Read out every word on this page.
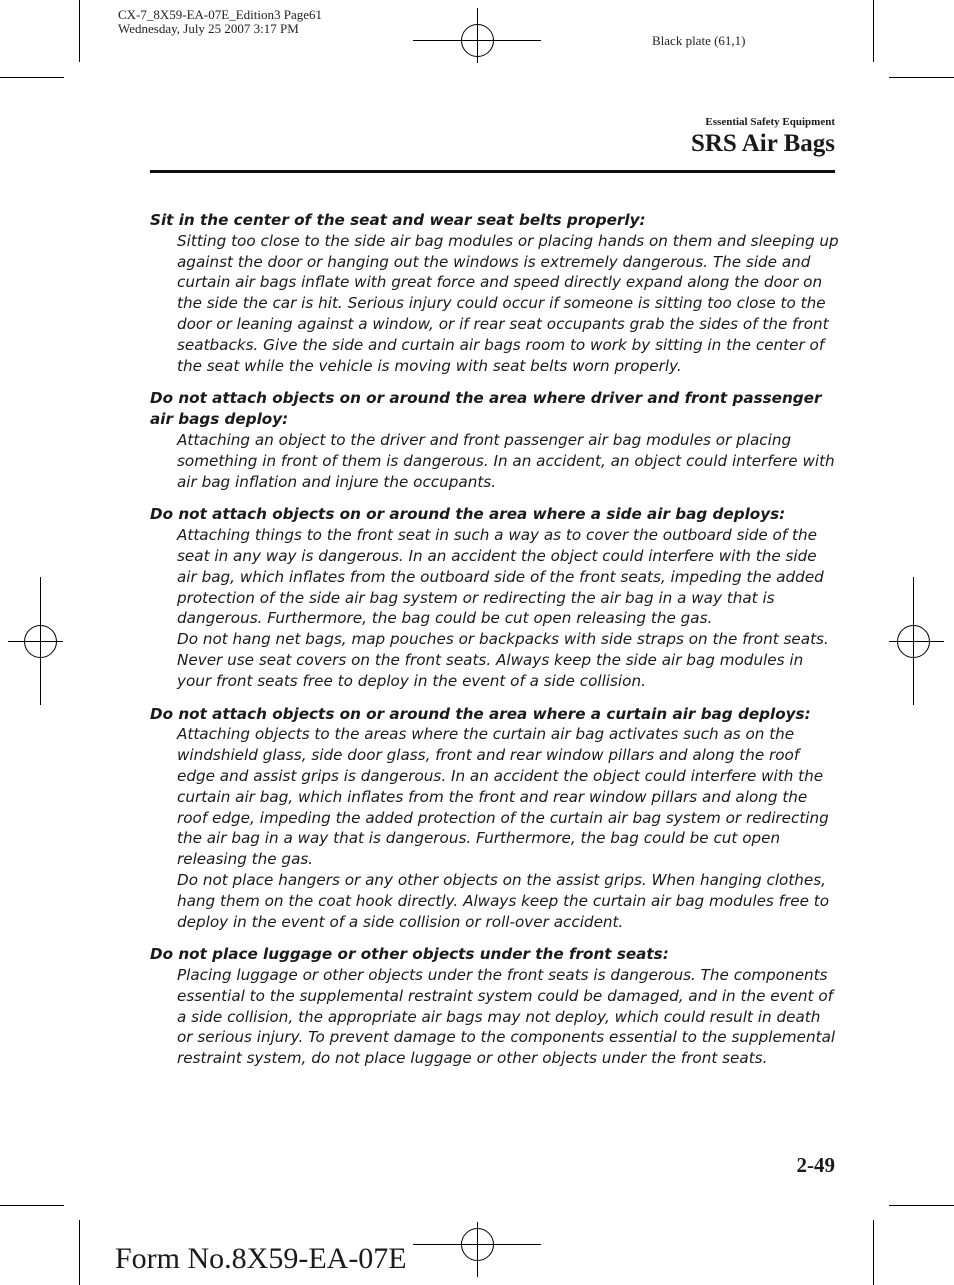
CX-7_8X59-EA-07E_Edition3 Page61
Wednesday, July 25 2007 3:17 PM
Black plate (61,1)
Essential Safety Equipment
SRS Air Bags
Sit in the center of the seat and wear seat belts properly:
Sitting too close to the side air bag modules or placing hands on them and sleeping up against the door or hanging out the windows is extremely dangerous. The side and curtain air bags inflate with great force and speed directly expand along the door on the side the car is hit. Serious injury could occur if someone is sitting too close to the door or leaning against a window, or if rear seat occupants grab the sides of the front seatbacks. Give the side and curtain air bags room to work by sitting in the center of the seat while the vehicle is moving with seat belts worn properly.
Do not attach objects on or around the area where driver and front passenger air bags deploy:
Attaching an object to the driver and front passenger air bag modules or placing something in front of them is dangerous. In an accident, an object could interfere with air bag inflation and injure the occupants.
Do not attach objects on or around the area where a side air bag deploys:
Attaching things to the front seat in such a way as to cover the outboard side of the seat in any way is dangerous. In an accident the object could interfere with the side air bag, which inflates from the outboard side of the front seats, impeding the added protection of the side air bag system or redirecting the air bag in a way that is dangerous. Furthermore, the bag could be cut open releasing the gas.
Do not hang net bags, map pouches or backpacks with side straps on the front seats. Never use seat covers on the front seats. Always keep the side air bag modules in your front seats free to deploy in the event of a side collision.
Do not attach objects on or around the area where a curtain air bag deploys:
Attaching objects to the areas where the curtain air bag activates such as on the windshield glass, side door glass, front and rear window pillars and along the roof edge and assist grips is dangerous. In an accident the object could interfere with the curtain air bag, which inflates from the front and rear window pillars and along the roof edge, impeding the added protection of the curtain air bag system or redirecting the air bag in a way that is dangerous. Furthermore, the bag could be cut open releasing the gas.
Do not place hangers or any other objects on the assist grips. When hanging clothes, hang them on the coat hook directly. Always keep the curtain air bag modules free to deploy in the event of a side collision or roll-over accident.
Do not place luggage or other objects under the front seats:
Placing luggage or other objects under the front seats is dangerous. The components essential to the supplemental restraint system could be damaged, and in the event of a side collision, the appropriate air bags may not deploy, which could result in death or serious injury. To prevent damage to the components essential to the supplemental restraint system, do not place luggage or other objects under the front seats.
2-49
Form No.8X59-EA-07E
